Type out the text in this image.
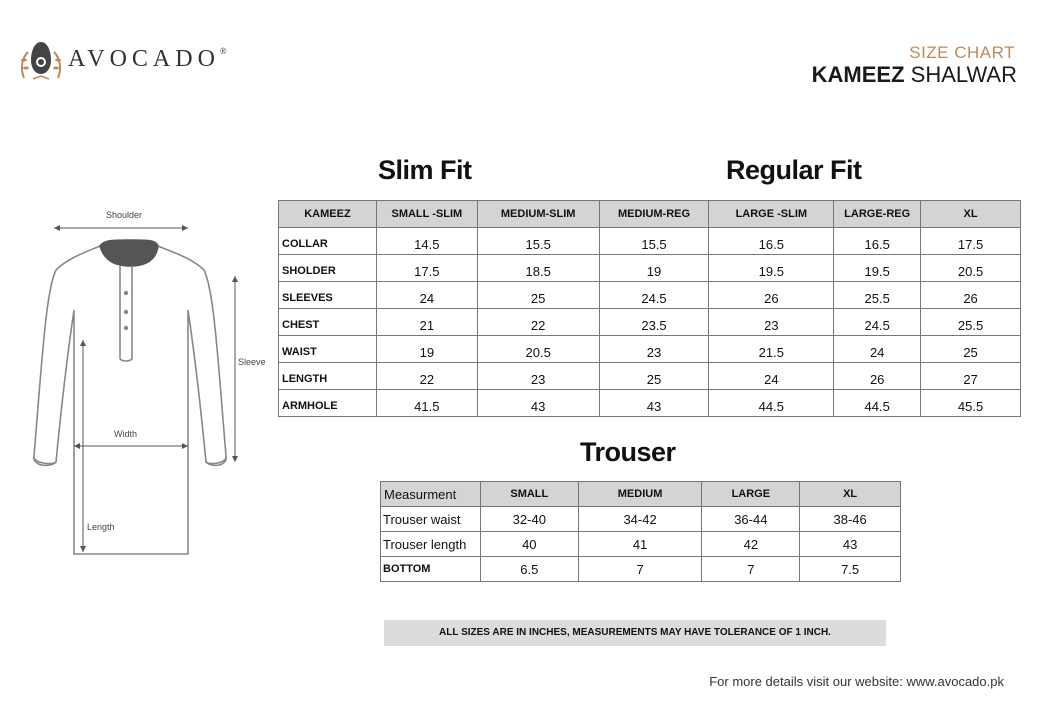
AVOCADO®	SIZE CHART
KAMEEZ SHALWAR
Shoulder
Sleeve
Width
Length
Slim Fit	Regular Fit
KAMEEZ	SMALL -SLIM	MEDIUM-SLIM	MEDIUM-REG	LARGE -SLIM	LARGE-REG	XL
COLLAR	14.5	15.5	15.5	16.5	16.5	17.5
SHOLDER	17.5	18.5	19	19.5	19.5	20.5
SLEEVES	24	25	24.5	26	25.5	26
CHEST	21	22	23.5	23	24.5	25.5
WAIST	19	20.5	23	21.5	24	25
LENGTH	22	23	25	24	26	27
ARMHOLE	41.5	43	43	44.5	44.5	45.5
Trouser
Measurment	SMALL	MEDIUM	LARGE	XL
Trouser waist	32-40	34-42	36-44	38-46
Trouser length	40	41	42	43
BOTTOM	6.5	7	7	7.5
ALL SIZES ARE IN INCHES, MEASUREMENTS MAY HAVE TOLERANCE OF 1 INCH.
For more details visit our website: www.avocado.pk
